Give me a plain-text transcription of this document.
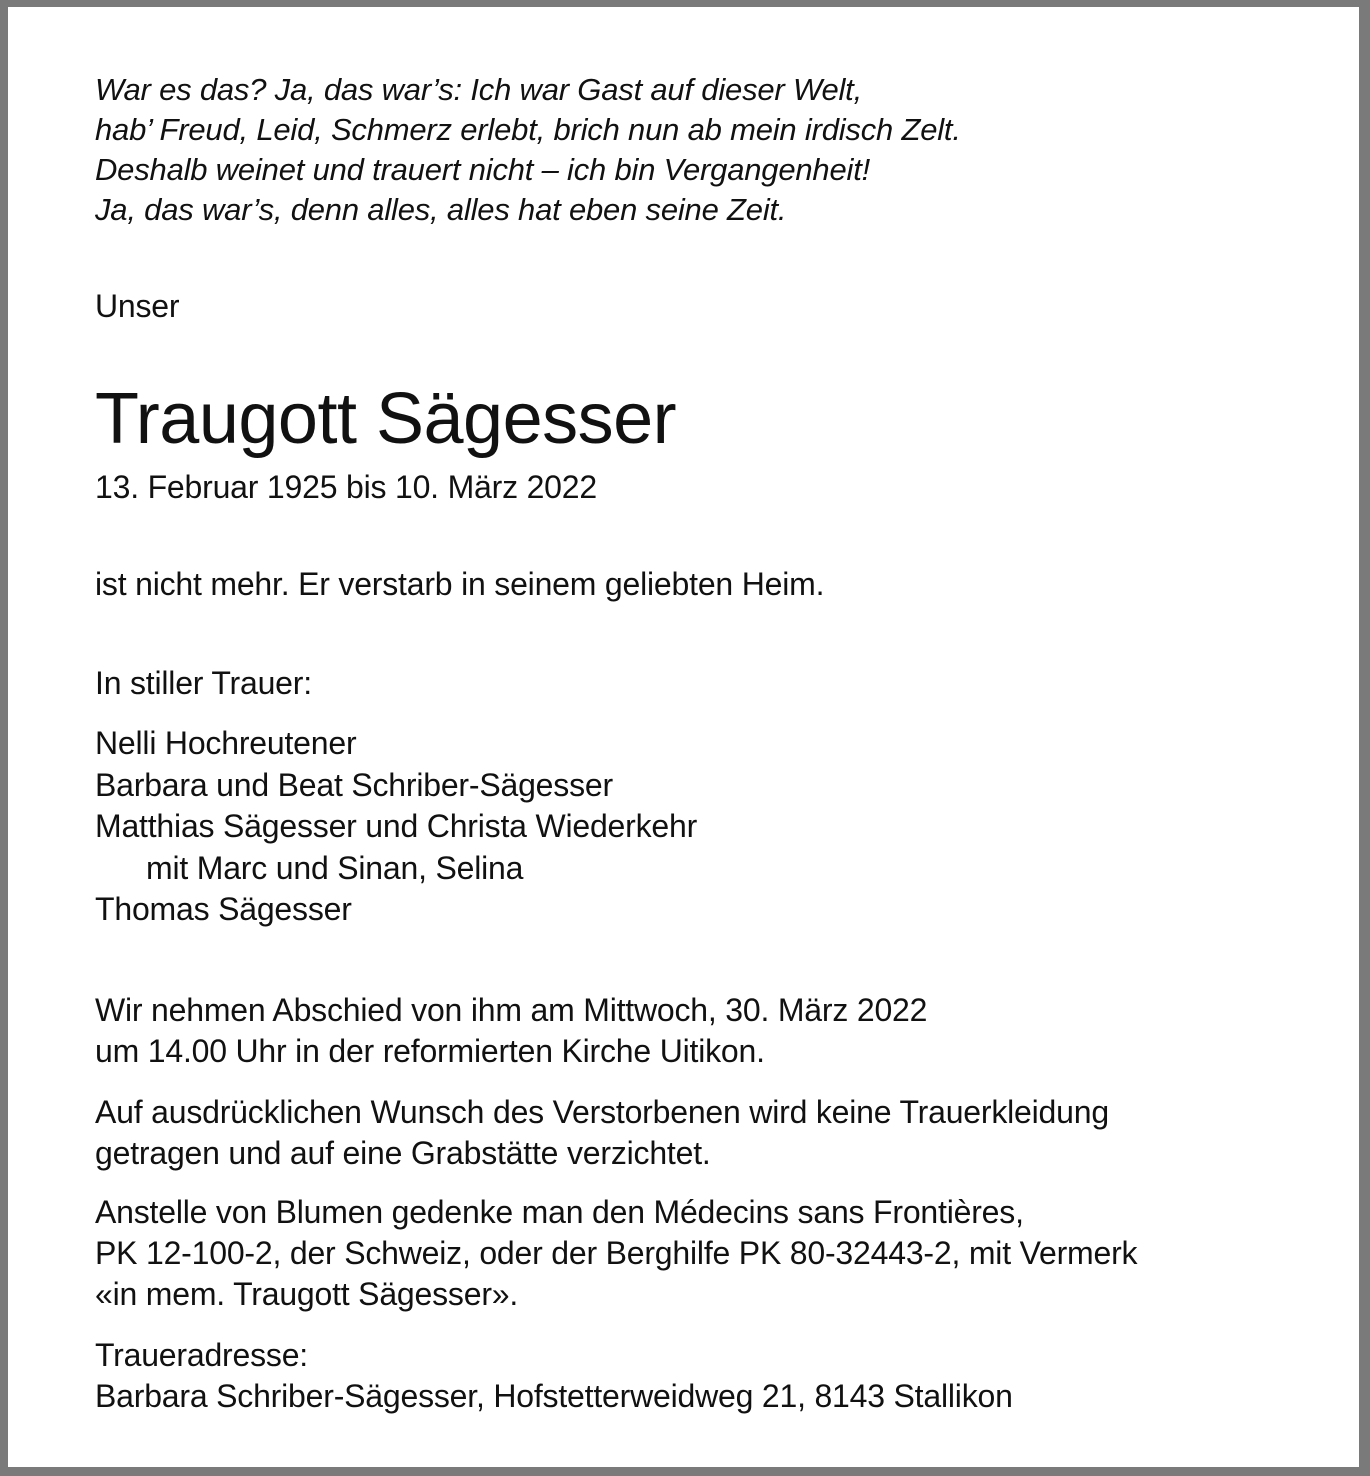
War es das? Ja, das war’s: Ich war Gast auf dieser Welt,
hab’ Freud, Leid, Schmerz erlebt, brich nun ab mein irdisch Zelt.
Deshalb weinet und trauert nicht – ich bin Vergangenheit!
Ja, das war’s, denn alles, alles hat eben seine Zeit.
Unser
Traugott Sägesser
13. Februar 1925 bis 10. März 2022
ist nicht mehr. Er verstarb in seinem geliebten Heim.
In stiller Trauer:
Nelli Hochreutener
Barbara und Beat Schriber-Sägesser
Matthias Sägesser und Christa Wiederkehr
mit Marc und Sinan, Selina
Thomas Sägesser
Wir nehmen Abschied von ihm am Mittwoch, 30. März 2022
um 14.00 Uhr in der reformierten Kirche Uitikon.
Auf ausdrücklichen Wunsch des Verstorbenen wird keine Trauerkleidung
getragen und auf eine Grabstätte verzichtet.
Anstelle von Blumen gedenke man den Médecins sans Frontières,
PK 12-100-2, der Schweiz, oder der Berghilfe PK 80-32443-2, mit Vermerk
«in mem. Traugott Sägesser».
Traueradresse:
Barbara Schriber-Sägesser, Hofstetterweidweg 21, 8143 Stallikon
